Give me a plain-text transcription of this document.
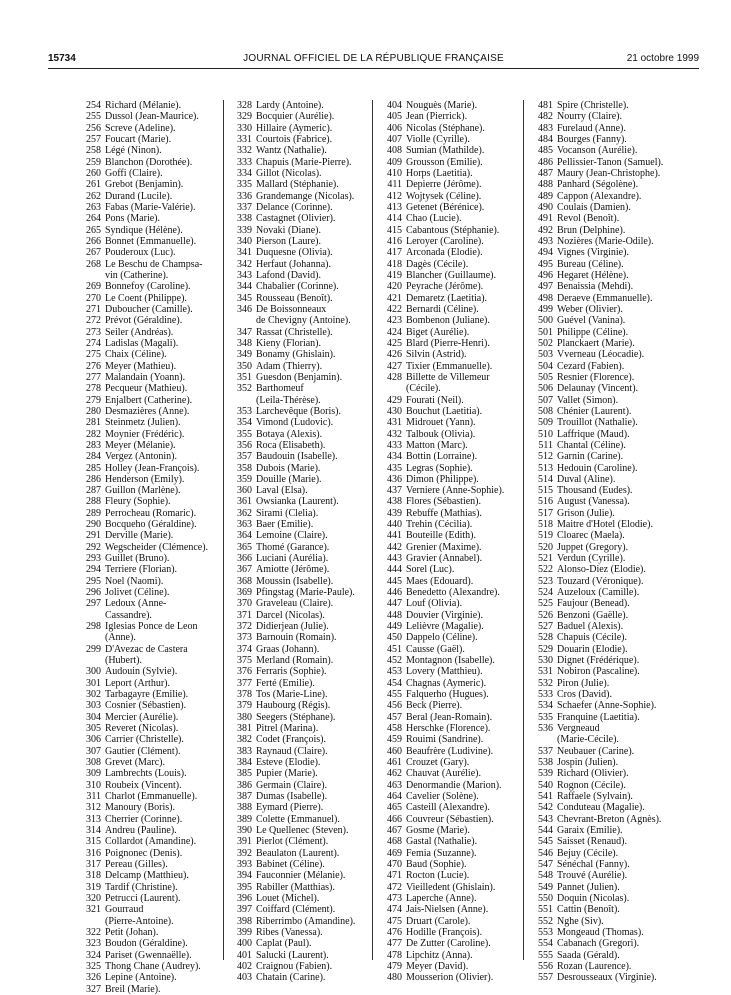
15734	JOURNAL OFFICIEL DE LA RÉPUBLIQUE FRANÇAISE	21 octobre 1999
254 Richard (Mélanie).
255 Dussol (Jean-Maurice).
256 Screve (Adeline).
257 Foucart (Marie).
258 Légé (Ninon).
259 Blanchon (Dorothée).
260 Goffi (Claire).
261 Grebot (Benjamin).
262 Durand (Lucile).
263 Fabas (Marie-Valérie).
264 Pons (Marie).
265 Syndique (Hélène).
266 Bonnet (Emmanuelle).
267 Pouderoux (Luc).
268 Le Beschu de Champsa-
vin (Catherine).
269 Bonnefoy (Caroline).
270 Le Coent (Philippe).
271 Duboucher (Camille).
272 Prévot (Géraldine).
273 Seiler (Andréas).
274 Ladislas (Magali).
275 Chaix (Céline).
276 Meyer (Mathieu).
277 Malandain (Yoann).
278 Pecqueur (Mathieu).
279 Enjalbert (Catherine).
280 Desmazières (Anne).
281 Steinmetz (Julien).
282 Moynier (Frédéric).
283 Meyer (Mélanie).
284 Vergez (Antonin).
285 Holley (Jean-François).
286 Henderson (Emily).
287 Guillon (Marlène).
288 Fleury (Sophie).
289 Perrocheau (Romaric).
290 Bocqueho (Géraldine).
291 Derville (Marie).
292 Wegscheider (Clémence).
293 Guillet (Bruno).
294 Terriere (Florian).
295 Noel (Naomi).
296 Jolivet (Céline).
297 Ledoux (Anne-
Cassandre).
298 Iglesias Ponce de Leon
(Anne).
299 D'Avezac de Castera
(Hubert).
300 Audouin (Sylvie).
301 Leport (Arthur).
302 Tarbagayre (Emilie).
303 Cosnier (Sébastien).
304 Mercier (Aurélie).
305 Reveret (Nicolas).
306 Carrier (Christelle).
307 Gautier (Clément).
308 Grevet (Marc).
309 Lambrechts (Louis).
310 Roubeix (Vincent).
311 Charlot (Emmanuelle).
312 Manoury (Boris).
313 Cherrier (Corinne).
314 Andreu (Pauline).
315 Collardot (Amandine).
316 Poignonec (Denis).
317 Pereau (Gilles).
318 Delcamp (Matthieu).
319 Tardif (Christine).
320 Petrucci (Laurent).
321 Gourraud
(Pierre-Antoine).
322 Petit (Johan).
323 Boudon (Géraldine).
324 Pariset (Gwennaëlle).
325 Thong Chane (Audrey).
326 Lepine (Antoine).
327 Breil (Marie).
328 Lardy (Antoine).
329 Bocquier (Aurélie).
330 Hillaire (Aymeric).
331 Courtois (Fabrice).
332 Wantz (Nathalie).
333 Chapuis (Marie-Pierre).
334 Gillot (Nicolas).
335 Mallard (Stéphanie).
336 Grandemange (Nicolas).
337 Delance (Corinne).
338 Castagnet (Olivier).
339 Novaki (Diane).
340 Pierson (Laure).
341 Duquesne (Olivia).
342 Herfaut (Johanna).
343 Lafond (David).
344 Chabalier (Corinne).
345 Rousseau (Benoît).
346 De Boissonneaux
de Chevigny (Antoine).
347 Rassat (Christelle).
348 Kieny (Florian).
349 Bonamy (Ghislain).
350 Adam (Thierry).
351 Guesdon (Benjamin).
352 Barthomeuf
(Leila-Thérèse).
353 Larchevêque (Boris).
354 Vimond (Ludovic).
355 Botaya (Alexis).
356 Roca (Elisabeth).
357 Baudouin (Isabelle).
358 Dubois (Marie).
359 Douille (Marie).
360 Laval (Elsa).
361 Owsianka (Laurent).
362 Sirami (Clelia).
363 Baer (Emilie).
364 Lemoine (Claire).
365 Thomé (Garance).
366 Luciani (Aurélia).
367 Amiotte (Jérôme).
368 Moussin (Isabelle).
369 Pfingstag (Marie-Paule).
370 Graveleau (Claire).
371 Darcel (Nicolas).
372 Didierjean (Julie).
373 Barnouin (Romain).
374 Graas (Johann).
375 Merland (Romain).
376 Ferraris (Sophie).
377 Ferté (Emilie).
378 Tos (Marie-Line).
379 Haubourg (Régis).
380 Seegers (Stéphane).
381 Pitrel (Marina).
382 Codet (François).
383 Raynaud (Claire).
384 Esteve (Elodie).
385 Pupier (Marie).
386 Germain (Claire).
387 Dumas (Isabelle).
388 Eymard (Pierre).
389 Colette (Emmanuel).
390 Le Quellenec (Steven).
391 Pierlot (Clément).
392 Beaulaton (Laurent).
393 Babinet (Céline).
394 Fauconnier (Mélanie).
395 Rabiller (Matthias).
396 Louet (Michel).
397 Coiffard (Clément).
398 Riberrimbo (Amandine).
399 Ribes (Vanessa).
400 Caplat (Paul).
401 Salucki (Laurent).
402 Craignou (Fabien).
403 Chatain (Carine).
404 Nouguès (Marie).
405 Jean (Pierrick).
406 Nicolas (Stéphane).
407 Violle (Cyrille).
408 Sumian (Mathilde).
409 Grousson (Emilie).
410 Horps (Laetitia).
411 Depierre (Jérôme).
412 Wojtysek (Céline).
413 Getenet (Bérénice).
414 Chao (Lucie).
415 Cabantous (Stéphanie).
416 Leroyer (Caroline).
417 Arconada (Elodie).
418 Dagès (Cécile).
419 Blancher (Guillaume).
420 Peyrache (Jérôme).
421 Demaretz (Laetitia).
422 Bernardi (Céline).
423 Bombenon (Juliane).
424 Biget (Aurélie).
425 Blard (Pierre-Henri).
426 Silvin (Astrid).
427 Tixier (Emmanuelle).
428 Billette de Villemeur
(Cécile).
429 Fourati (Neil).
430 Bouchut (Laetitia).
431 Midrouet (Yann).
432 Talbouk (Olivia).
433 Matton (Marc).
434 Bottin (Lorraine).
435 Legras (Sophie).
436 Dimon (Philippe).
437 Verniere (Anne-Sophie).
438 Flores (Sébastien).
439 Rebuffe (Mathias).
440 Trehin (Cécilia).
441 Bouteille (Edith).
442 Grenier (Maxime).
443 Gravier (Annabel).
444 Sorel (Luc).
445 Maes (Edouard).
446 Benedetto (Alexandre).
447 Louf (Olivia).
448 Douvier (Virginie).
449 Lelièvre (Magalie).
450 Dappelo (Céline).
451 Causse (Gaël).
452 Montagnon (Isabelle).
453 Lovery (Matthieu).
454 Chagnas (Aymeric).
455 Falquerho (Hugues).
456 Beck (Pierre).
457 Beral (Jean-Romain).
458 Herschke (Florence).
459 Rouimi (Sandrine).
460 Beaufrère (Ludivine).
461 Crouzet (Gary).
462 Chauvat (Aurélie).
463 Denormandie (Marion).
464 Cavelier (Solène).
465 Casteill (Alexandre).
466 Couvreur (Sébastien).
467 Gosme (Marie).
468 Gastal (Nathalie).
469 Femia (Suzanne).
470 Baud (Sophie).
471 Rocton (Lucie).
472 Vieilledent (Ghislain).
473 Laperche (Anne).
474 Jais-Nielsen (Anne).
475 Druart (Carole).
476 Hodille (François).
477 De Zutter (Caroline).
478 Lipchitz (Anna).
479 Meyer (David).
480 Mousserion (Olivier).
481 Spire (Christelle).
482 Nourry (Claire).
483 Furelaud (Anne).
484 Bourges (Fanny).
485 Vocanson (Aurélie).
486 Pellissier-Tanon (Samuel).
487 Maury (Jean-Christophe).
488 Panhard (Ségolène).
489 Cappon (Alexandre).
490 Coulais (Damien).
491 Revol (Benoît).
492 Brun (Delphine).
493 Nozières (Marie-Odile).
494 Vignes (Virginie).
495 Bureau (Céline).
496 Hegaret (Hélène).
497 Benaissia (Mehdi).
498 Deraeve (Emmanuelle).
499 Weber (Olivier).
500 Guével (Vanina).
501 Philippe (Céline).
502 Planckaert (Marie).
503 Vverneau (Léocadie).
504 Cezard (Fabien).
505 Resnier (Florence).
506 Delaunay (Vincent).
507 Vallet (Simon).
508 Chénier (Laurent).
509 Trouillot (Nathalie).
510 Laffrique (Maud).
511 Chantal (Céline).
512 Garnin (Carine).
513 Hedouin (Caroline).
514 Duval (Aline).
515 Thousand (Eudes).
516 August (Vanessa).
517 Grison (Julie).
518 Maitre d'Hotel (Elodie).
519 Cloarec (Maela).
520 Juppet (Gregory).
521 Verdun (Cyrille).
522 Alonso-Diez (Elodie).
523 Touzard (Véronique).
524 Auzeloux (Camille).
525 Faujour (Benead).
526 Benzoni (Gaëlle).
527 Baduel (Alexis).
528 Chapuis (Cécile).
529 Douarin (Elodie).
530 Dignet (Frédérique).
531 Nobiron (Pascaline).
532 Piron (Julie).
533 Cros (David).
534 Schaefer (Anne-Sophie).
535 Franquine (Laetitia).
536 Vergneaud
(Marie-Cécile).
537 Neubauer (Carine).
538 Jospin (Julien).
539 Richard (Olivier).
540 Rognon (Cécile).
541 Raffaele (Sylvain).
542 Conduteau (Magalie).
543 Chevrant-Breton (Agnès).
544 Garaix (Emilie).
545 Saisset (Renaud).
546 Bejuy (Cécile).
547 Sénéchal (Fanny).
548 Trouvé (Aurélie).
549 Pannet (Julien).
550 Doquin (Nicolas).
551 Cattin (Benoît).
552 Nghe (Siv).
553 Mongeaud (Thomas).
554 Cabanach (Gregori).
555 Saada (Gérald).
556 Rozan (Laurence).
557 Desrousseaux (Virginie).
